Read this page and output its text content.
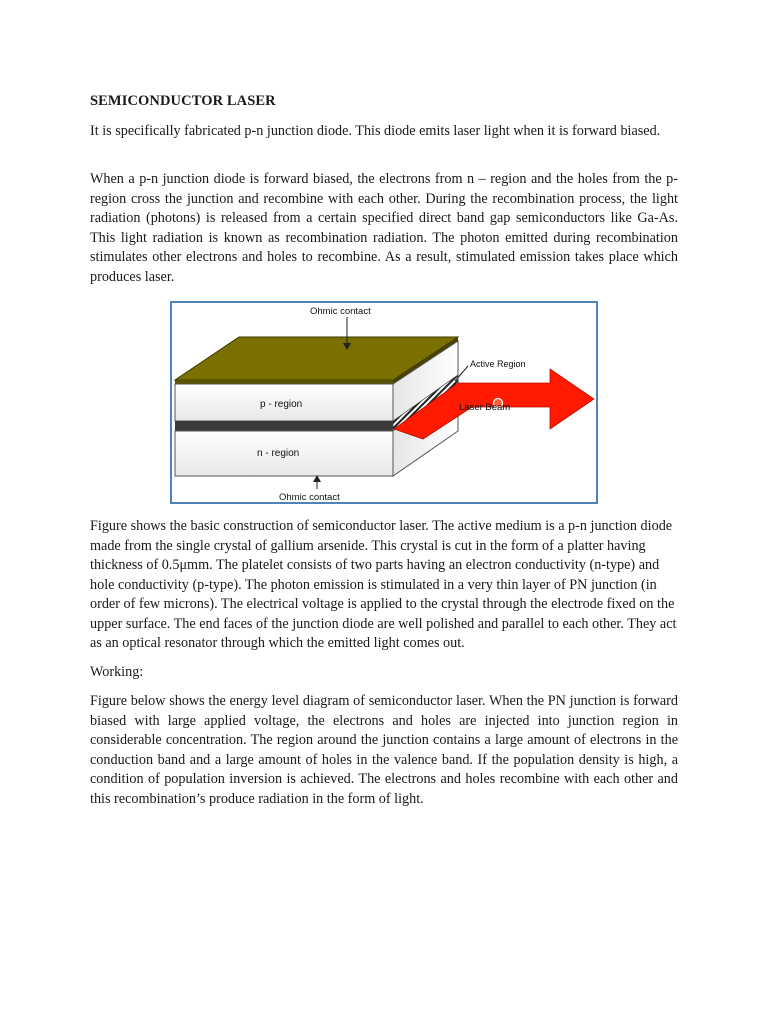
SEMICONDUCTOR LASER

It is specifically fabricated p-n junction diode. This diode emits laser light when it is forward biased.

When a p-n junction diode is forward biased, the electrons from n – region and the holes from the p- region cross the junction and recombine with each other. During the recombination process, the light radiation (photons) is released from a certain specified direct band gap semiconductors like Ga-As. This light radiation is known as recombination radiation. The photon emitted during recombination stimulates other electrons and holes to recombine. As a result, stimulated emission takes place which produces laser.

Ohmic contact
Active Region
p - region
n - region
Laser Beam
Ohmic contact

Figure shows the basic construction of semiconductor laser. The active medium is a p-n junction diode made from the single crystal of gallium arsenide. This crystal is cut in the form of a platter having thickness of 0.5μmm. The platelet consists of two parts having an electron conductivity (n-type) and hole conductivity (p-type). The photon emission is stimulated in a very thin layer of PN junction (in order of few microns). The electrical voltage is applied to the crystal through the electrode fixed on the upper surface. The end faces of the junction diode are well polished and parallel to each other. They act as an optical resonator through which the emitted light comes out.

Working:

Figure below shows the energy level diagram of semiconductor laser. When the PN junction is forward biased with large applied voltage, the electrons and holes are injected into junction region in considerable concentration. The region around the junction contains a large amount of electrons in the conduction band and a large amount of holes in the valence band. If the population density is high, a condition of population inversion is achieved. The electrons and holes recombine with each other and this recombination’s produce radiation in the form of light.
